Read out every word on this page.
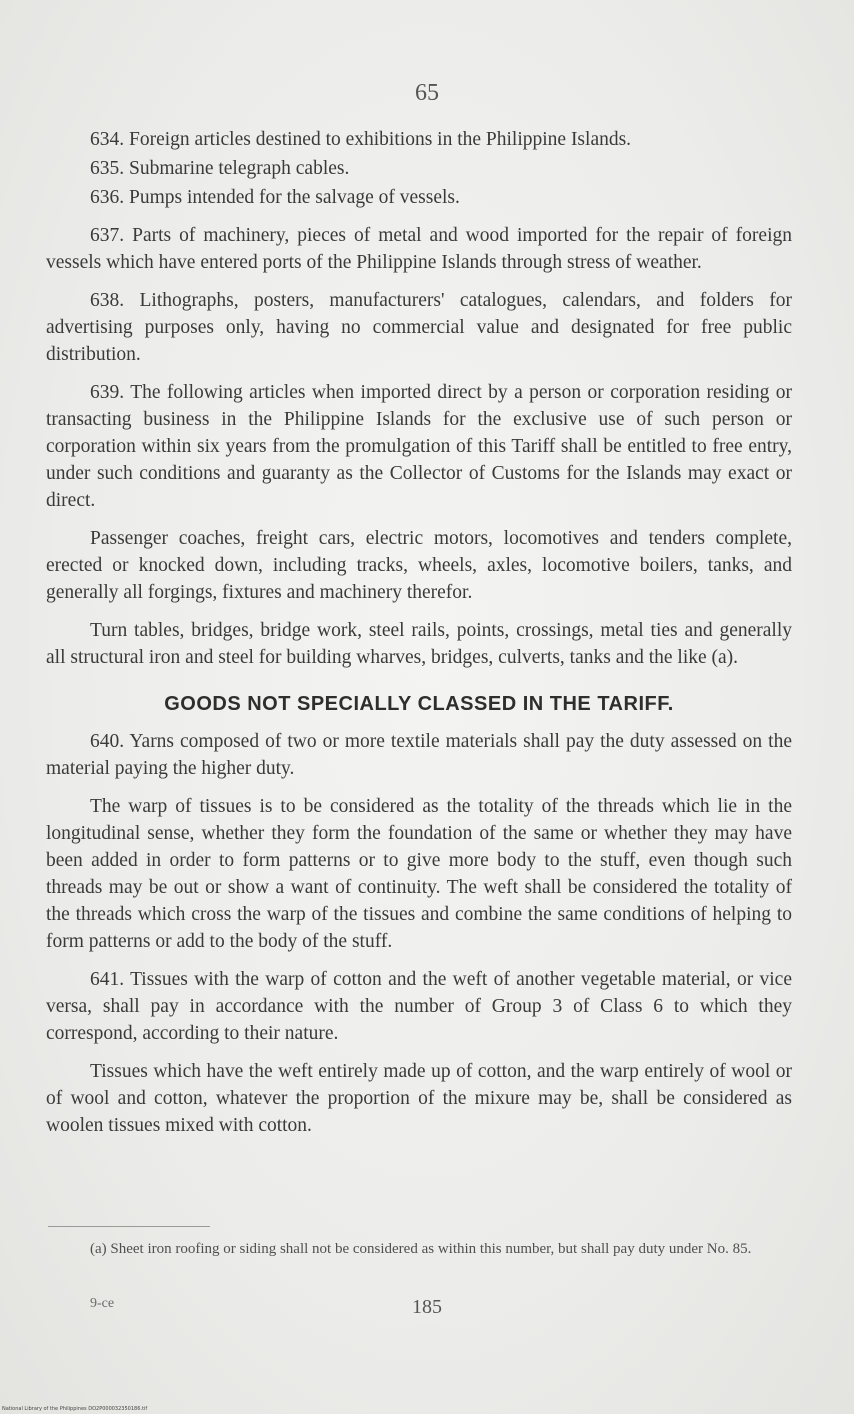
65

634. Foreign articles destined to exhibitions in the Philippine Islands.

635. Submarine telegraph cables.

636. Pumps intended for the salvage of vessels.

637. Parts of machinery, pieces of metal and wood imported for the repair of foreign vessels which have entered ports of the Philippine Islands through stress of weather.

638. Lithographs, posters, manufacturers' catalogues, calendars, and folders for advertising purposes only, having no commercial value and designated for free public distribution.

639. The following articles when imported direct by a person or corporation residing or transacting business in the Philippine Islands for the exclusive use of such person or corporation within six years from the promulgation of this Tariff shall be entitled to free entry, under such conditions and guaranty as the Collector of Customs for the Islands may exact or direct.

Passenger coaches, freight cars, electric motors, locomotives and tenders complete, erected or knocked down, including tracks, wheels, axles, locomotive boilers, tanks, and generally all forgings, fixtures and machinery therefor.

Turn tables, bridges, bridge work, steel rails, points, crossings, metal ties and generally all structural iron and steel for building wharves, bridges, culverts, tanks and the like (a).

GOODS NOT SPECIALLY CLASSED IN THE TARIFF.

640. Yarns composed of two or more textile materials shall pay the duty assessed on the material paying the higher duty.

The warp of tissues is to be considered as the totality of the threads which lie in the longitudinal sense, whether they form the foundation of the same or whether they may have been added in order to form patterns or to give more body to the stuff, even though such threads may be out or show a want of continuity. The weft shall be considered the totality of the threads which cross the warp of the tissues and combine the same conditions of helping to form patterns or add to the body of the stuff.

641. Tissues with the warp of cotton and the weft of another vegetable material, or vice versa, shall pay in accordance with the number of Group 3 of Class 6 to which they correspond, according to their nature.

Tissues which have the weft entirely made up of cotton, and the warp entirely of wool or of wool and cotton, whatever the proportion of the mixure may be, shall be considered as woolen tissues mixed with cotton.

(a) Sheet iron roofing or siding shall not be considered as within this number, but shall pay duty under No. 85.
9-ce	185
National Library of the Philippines DO2P000032350186.tif
